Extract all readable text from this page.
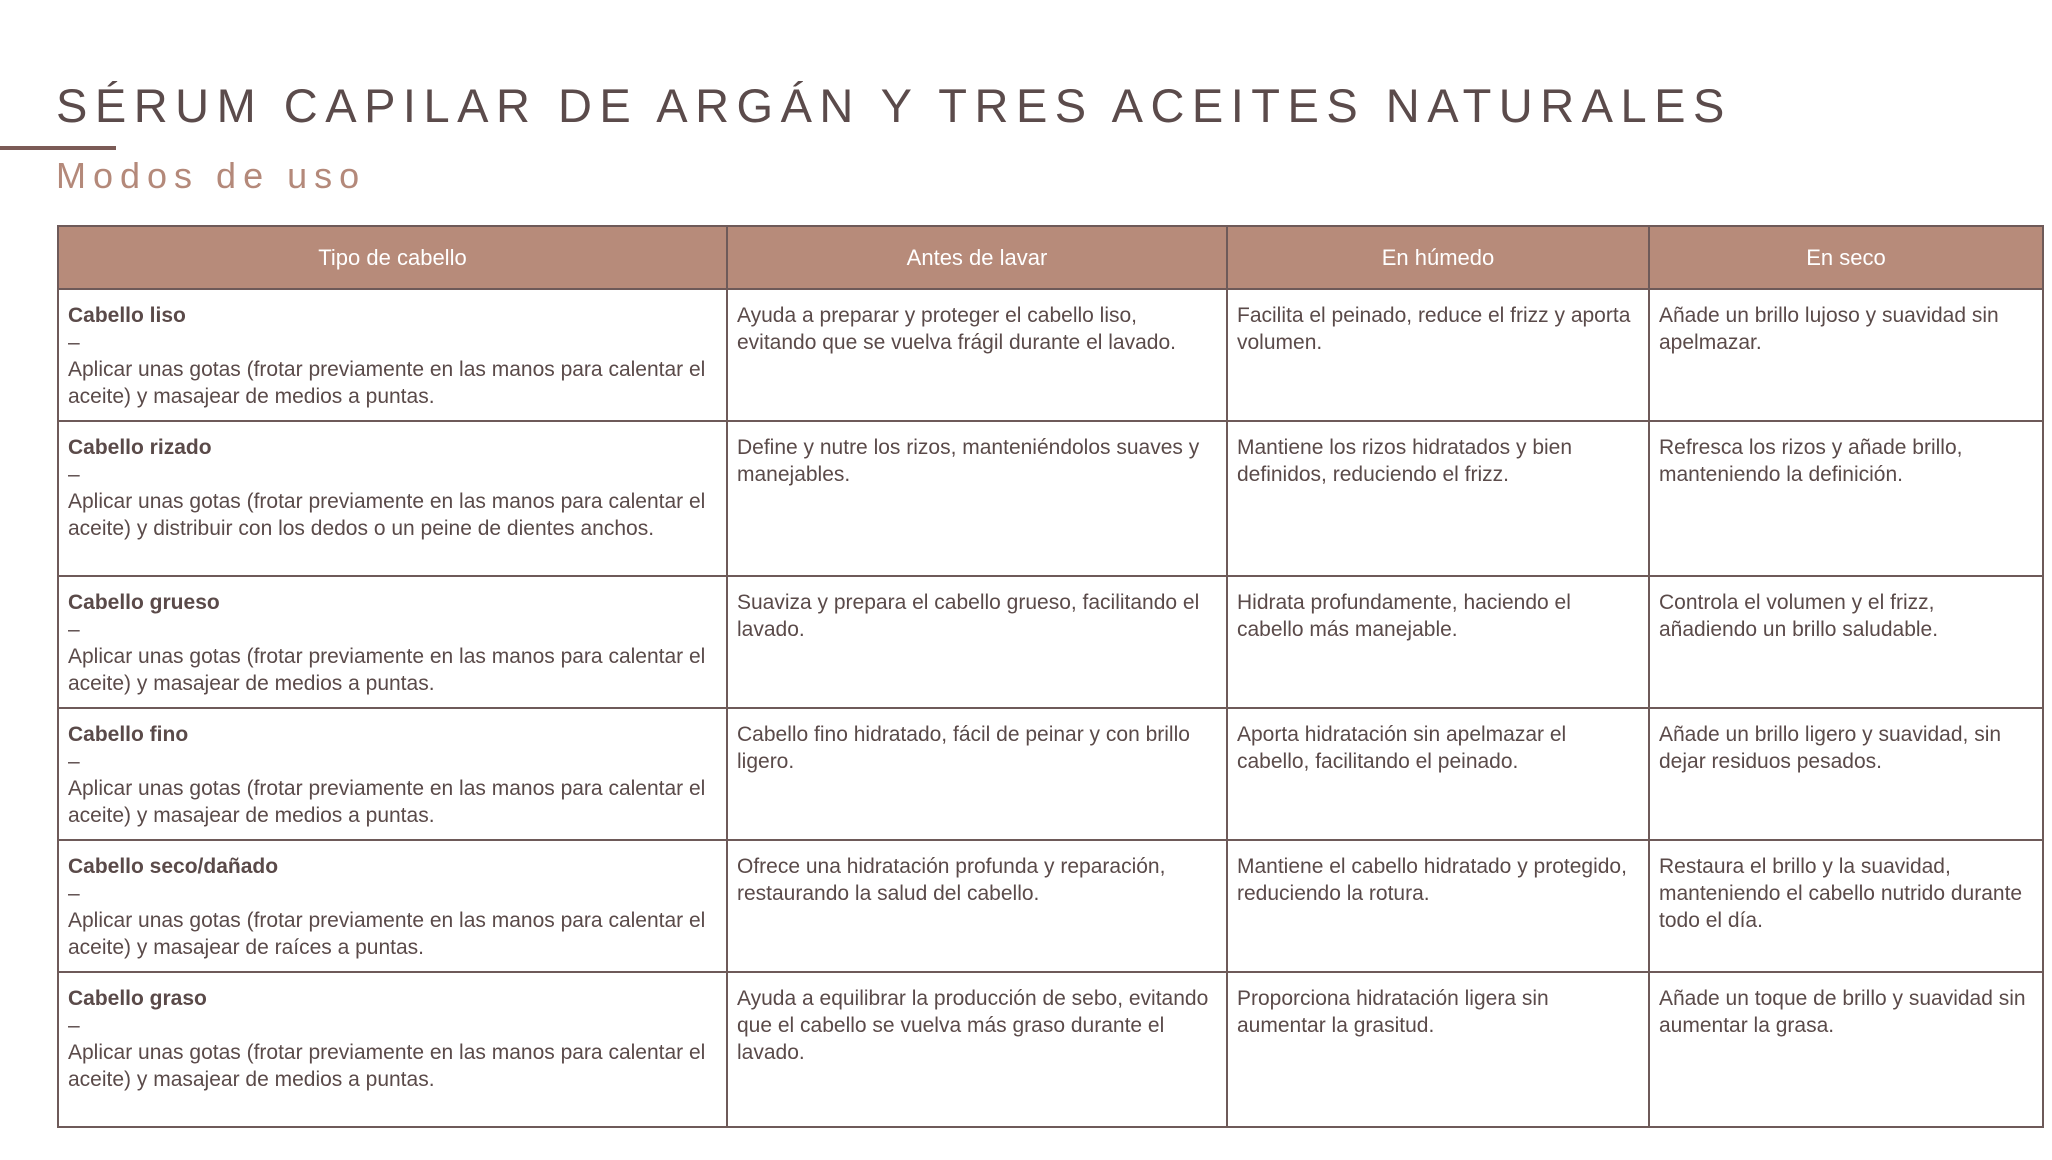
SÉRUM CAPILAR DE ARGÁN Y TRES ACEITES NATURALES
Modos de uso
Tipo de cabello	Antes de lavar	En húmedo	En seco

Cabello liso
–
Aplicar unas gotas (frotar previamente en las manos para calentar el aceite) y masajear de medios a puntas.	Ayuda a preparar y proteger el cabello liso, evitando que se vuelva frágil durante el lavado.	Facilita el peinado, reduce el frizz y aporta volumen.	Añade un brillo lujoso y suavidad sin apelmazar.

Cabello rizado
–
Aplicar unas gotas (frotar previamente en las manos para calentar el aceite) y distribuir con los dedos o un peine de dientes anchos.	Define y nutre los rizos, manteniéndolos suaves y manejables.	Mantiene los rizos hidratados y bien definidos, reduciendo el frizz.	Refresca los rizos y añade brillo, manteniendo la definición.

Cabello grueso
–
Aplicar unas gotas (frotar previamente en las manos para calentar el aceite) y masajear de medios a puntas.	Suaviza y prepara el cabello grueso, facilitando el lavado.	Hidrata profundamente, haciendo el cabello más manejable.	Controla el volumen y el frizz, añadiendo un brillo saludable.

Cabello fino
–
Aplicar unas gotas (frotar previamente en las manos para calentar el aceite) y masajear de medios a puntas.	Cabello fino hidratado, fácil de peinar y con brillo ligero.	Aporta hidratación sin apelmazar el cabello, facilitando el peinado.	Añade un brillo ligero y suavidad, sin dejar residuos pesados.

Cabello seco/dañado
–
Aplicar unas gotas (frotar previamente en las manos para calentar el aceite) y masajear de raíces a puntas.	Ofrece una hidratación profunda y reparación, restaurando la salud del cabello.	Mantiene el cabello hidratado y protegido, reduciendo la rotura.	Restaura el brillo y la suavidad, manteniendo el cabello nutrido durante todo el día.

Cabello graso
–
Aplicar unas gotas (frotar previamente en las manos para calentar el aceite) y masajear de medios a puntas.	Ayuda a equilibrar la producción de sebo, evitando que el cabello se vuelva más graso durante el lavado.	Proporciona hidratación ligera sin aumentar la grasitud.	Añade un toque de brillo y suavidad sin aumentar la grasa.
